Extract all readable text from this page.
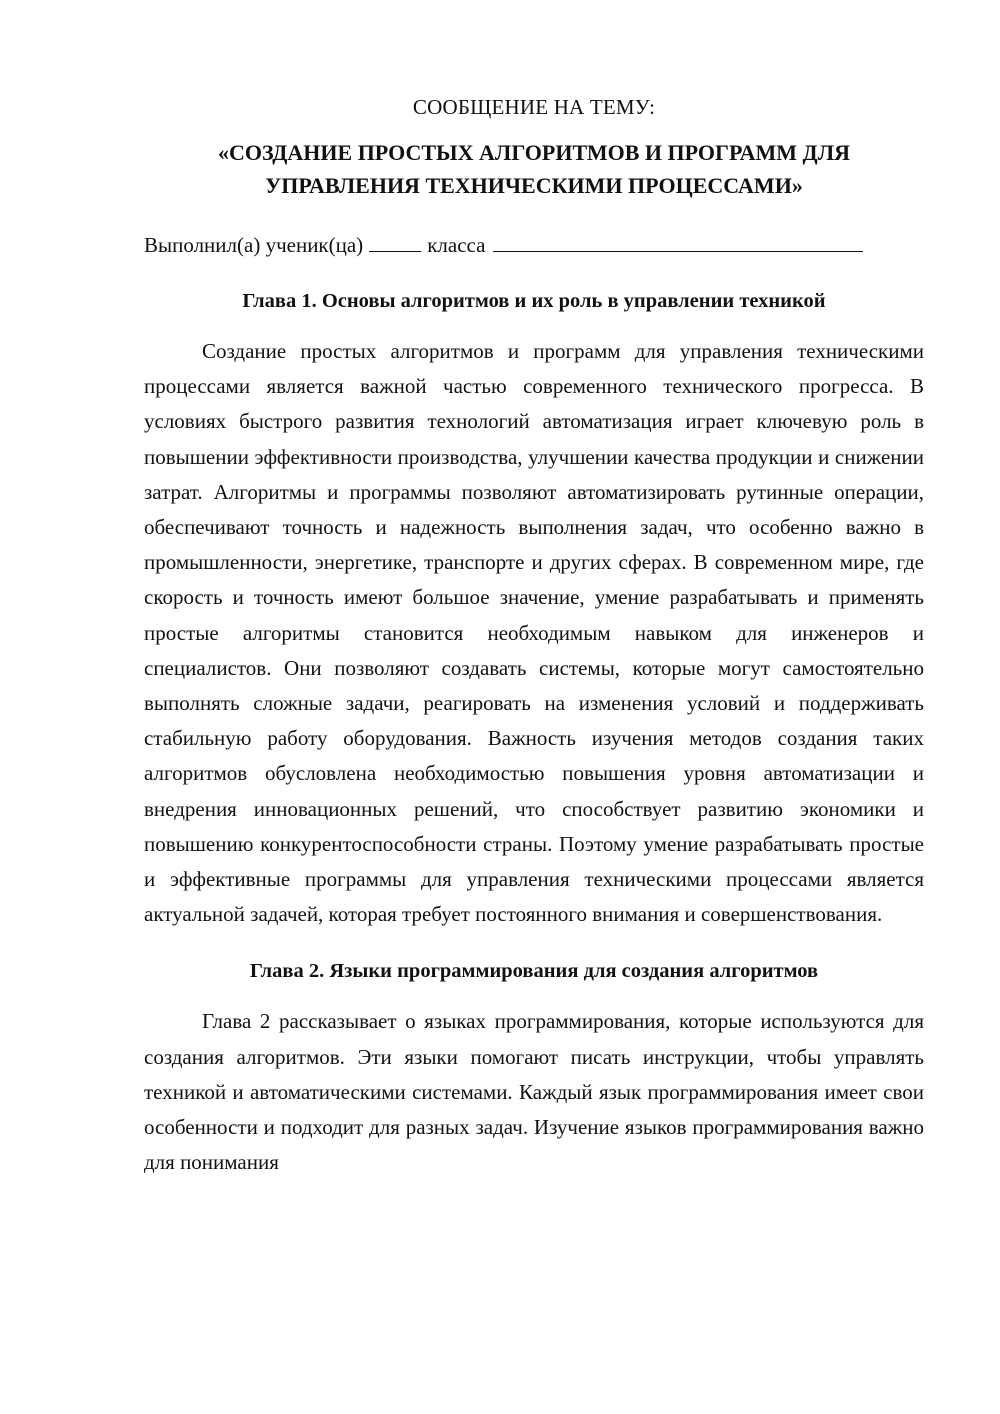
СООБЩЕНИЕ НА ТЕМУ:

«СОЗДАНИЕ ПРОСТЫХ АЛГОРИТМОВ И ПРОГРАММ ДЛЯ УПРАВЛЕНИЯ ТЕХНИЧЕСКИМИ ПРОЦЕССАМИ»

Выполнил(а) ученик(ца)	класса

Глава 1. Основы алгоритмов и их роль в управлении техникой

Создание простых алгоритмов и программ для управления техническими процессами является важной частью современного технического прогресса. В условиях быстрого развития технологий автоматизация играет ключевую роль в повышении эффективности производства, улучшении качества продукции и снижении затрат. Алгоритмы и программы позволяют автоматизировать рутинные операции, обеспечивают точность и надежность выполнения задач, что особенно важно в промышленности, энергетике, транспорте и других сферах. В современном мире, где скорость и точность имеют большое значение, умение разрабатывать и применять простые алгоритмы становится необходимым навыком для инженеров и специалистов. Они позволяют создавать системы, которые могут самостоятельно выполнять сложные задачи, реагировать на изменения условий и поддерживать стабильную работу оборудования. Важность изучения методов создания таких алгоритмов обусловлена необходимостью повышения уровня автоматизации и внедрения инновационных решений, что способствует развитию экономики и повышению конкурентоспособности страны. Поэтому умение разрабатывать простые и эффективные программы для управления техническими процессами является актуальной задачей, которая требует постоянного внимания и совершенствования.

Глава 2. Языки программирования для создания алгоритмов

Глава 2 рассказывает о языках программирования, которые используются для создания алгоритмов. Эти языки помогают писать инструкции, чтобы управлять техникой и автоматическими системами. Каждый язык программирования имеет свои особенности и подходит для разных задач. Изучение языков программирования важно для понимания
